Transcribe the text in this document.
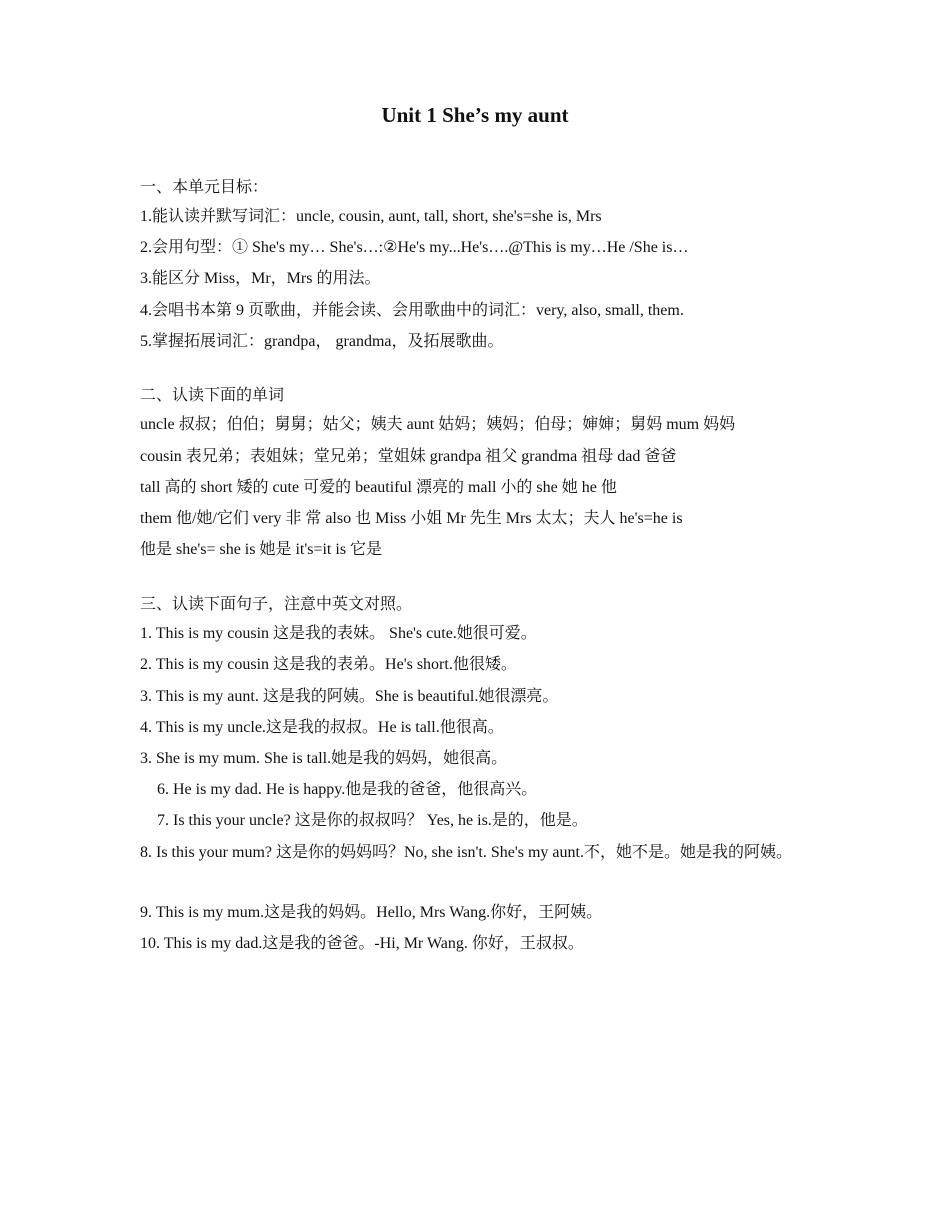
Unit 1 She’s my aunt
一、本单元目标：
1.能认读并默写词汇：uncle, cousin, aunt, tall, short, she's=she is, Mrs
2.会用句型：① She's my… She's…:②He's my...He's….@This is my…He /She is…
3.能区分 Miss，Mr，Mrs 的用法。
4.会唱书本第 9 页歌曲，并能会读、会用歌曲中的词汇：very, also, small, them.
5.掌握拓展词汇：grandpa， grandma，及拓展歌曲。
二、认读下面的单词
uncle 叔叔；伯伯；舅舅；姑父；姨夫 aunt 姑妈；姨妈；伯母；婶婶；舅妈 mum 妈妈
cousin 表兄弟；表姐妹；堂兄弟；堂姐妹 grandpa 祖父 grandma 祖母 dad 爸爸
tall 高的 short 矮的 cute 可爱的 beautiful 漂亮的 mall 小的 she 她 he 他
them 他/她/它们 very 非 常 also 也 Miss 小姐 Mr 先生 Mrs 太太；夫人 he's=he is
他是 she's= she is 她是 it's=it is 它是
三、认读下面句子，注意中英文对照。
1. This is my cousin 这是我的表妹。 She's cute.她很可爱。
2. This is my cousin 这是我的表弟。He's short.他很矮。
3. This is my aunt. 这是我的阿姨。She is beautiful.她很漂亮。
4. This is my uncle.这是我的叔叔。He is tall.他很高。
3. She is my mum. She is tall.她是我的妈妈，她很高。
6. He is my dad. He is happy.他是我的爸爸，他很高兴。
7. Is this your uncle? 这是你的叔叔吗？ Yes, he is.是的，他是。
8. Is this your mum? 这是你的妈妈吗？No, she isn't. She's my aunt.不，她不是。她是我的阿姨。
9. This is my mum.这是我的妈妈。Hello, Mrs Wang.你好，王阿姨。
10. This is my dad.这是我的爸爸。-Hi, Mr Wang. 你好，王叔叔。
